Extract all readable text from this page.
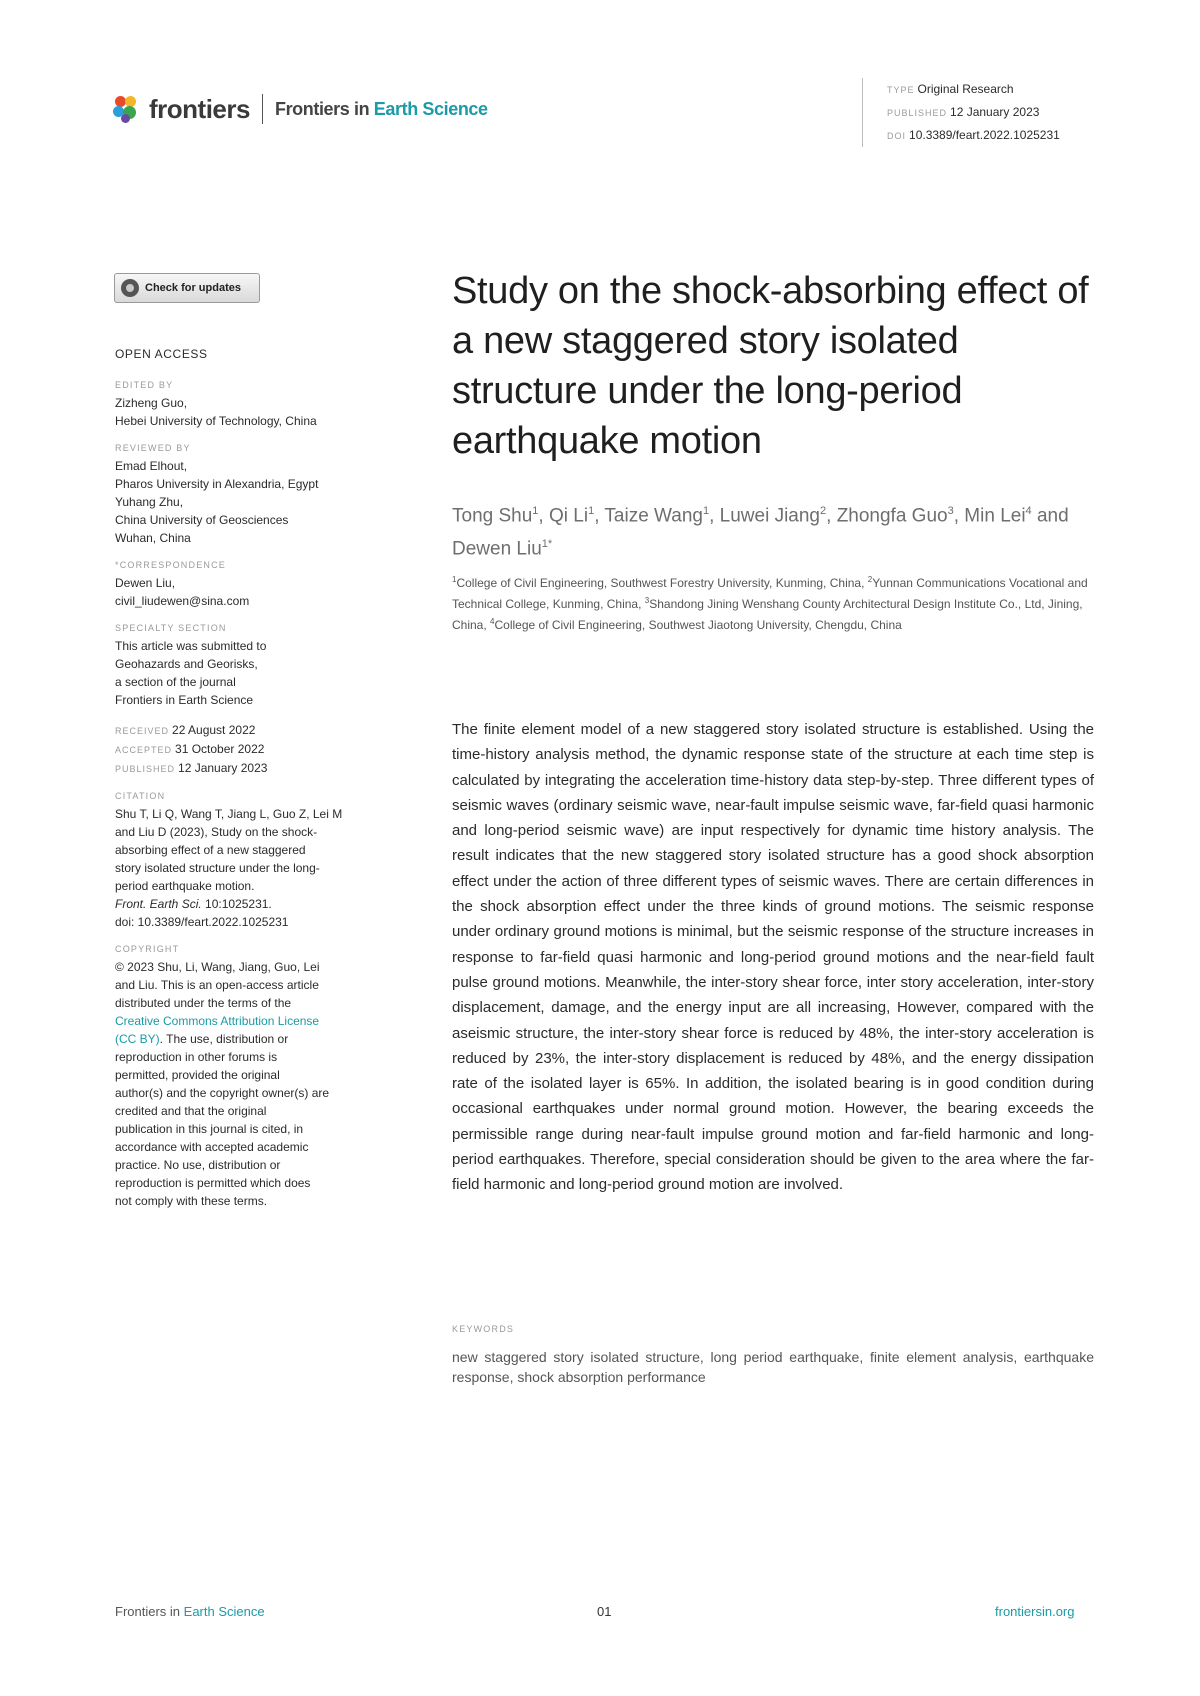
frontiers Frontiers in Earth Science
TYPE Original Research
PUBLISHED 12 January 2023
DOI 10.3389/feart.2022.1025231
Check for updates
OPEN ACCESS
EDITED BY
Zizheng Guo,
Hebei University of Technology, China
REVIEWED BY
Emad Elhout,
Pharos University in Alexandria, Egypt
Yuhang Zhu,
China University of Geosciences
Wuhan, China
*CORRESPONDENCE
Dewen Liu,
civil_liudewen@sina.com
SPECIALTY SECTION
This article was submitted to
Geohazards and Georisks,
a section of the journal
Frontiers in Earth Science
RECEIVED 22 August 2022
ACCEPTED 31 October 2022
PUBLISHED 12 January 2023
CITATION
Shu T, Li Q, Wang T, Jiang L, Guo Z, Lei M
and Liu D (2023), Study on the shock-
absorbing effect of a new staggered
story isolated structure under the long-
period earthquake motion.
Front. Earth Sci. 10:1025231.
doi: 10.3389/feart.2022.1025231
COPYRIGHT
© 2023 Shu, Li, Wang, Jiang, Guo, Lei
and Liu. This is an open-access article
distributed under the terms of the
Creative Commons Attribution License
(CC BY). The use, distribution or
reproduction in other forums is
permitted, provided the original
author(s) and the copyright owner(s) are
credited and that the original
publication in this journal is cited, in
accordance with accepted academic
practice. No use, distribution or
reproduction is permitted which does
not comply with these terms.
Study on the shock-absorbing effect of a new staggered story isolated structure under the long-period earthquake motion
Tong Shu$^1$, Qi Li$^1$, Taize Wang$^1$, Luwei Jiang$^2$, Zhongfa Guo$^3$, Min Lei$^4$ and Dewen Liu$^{1*}$
$^1$College of Civil Engineering, Southwest Forestry University, Kunming, China, $^2$Yunnan Communications Vocational and Technical College, Kunming, China, $^3$Shandong Jining Wenshang County Architectural Design Institute Co., Ltd, Jining, China, $^4$College of Civil Engineering, Southwest Jiaotong University, Chengdu, China
The finite element model of a new staggered story isolated structure is established. Using the time-history analysis method, the dynamic response state of the structure at each time step is calculated by integrating the acceleration time-history data step-by-step. Three different types of seismic waves (ordinary seismic wave, near-fault impulse seismic wave, far-field quasi harmonic and long-period seismic wave) are input respectively for dynamic time history analysis. The result indicates that the new staggered story isolated structure has a good shock absorption effect under the action of three different types of seismic waves. There are certain differences in the shock absorption effect under the three kinds of ground motions. The seismic response under ordinary ground motions is minimal, but the seismic response of the structure increases in response to far-field quasi harmonic and long-period ground motions and the near-field fault pulse ground motions. Meanwhile, the inter-story shear force, inter story acceleration, inter-story displacement, damage, and the energy input are all increasing, However, compared with the aseismic structure, the inter-story shear force is reduced by 48%, the inter-story acceleration is reduced by 23%, the inter-story displacement is reduced by 48%, and the energy dissipation rate of the isolated layer is 65%. In addition, the isolated bearing is in good condition during occasional earthquakes under normal ground motion. However, the bearing exceeds the permissible range during near-fault impulse ground motion and far-field harmonic and long-period earthquakes. Therefore, special consideration should be given to the area where the far-field harmonic and long-period ground motion are involved.
KEYWORDS
new staggered story isolated structure, long period earthquake, finite element analysis, earthquake response, shock absorption performance
Frontiers in Earth Science	01	frontiersin.org
